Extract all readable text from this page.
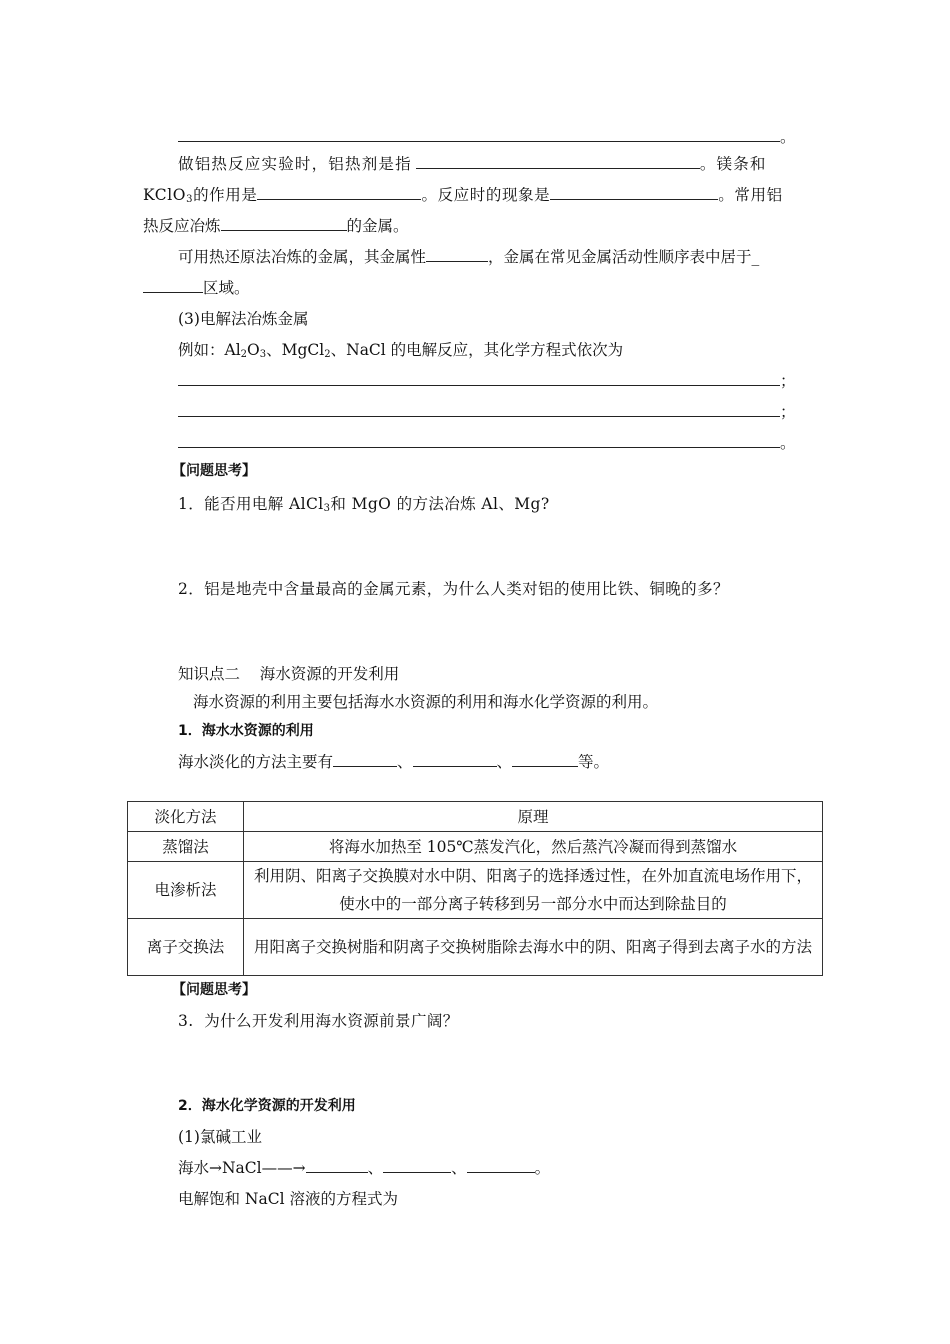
。
做铝热反应实验时，铝热剂是指	。镁条和
KClO$_3$的作用是	。反应时的现象是	。常用铝
热反应冶炼	的金属。
可用热还原法冶炼的金属，其金属性	，金属在常见金属活动性顺序表中居于_
区域。
(3)电解法冶炼金属
例如：$Al_2O_3$、MgCl$_2$、NaCl 的电解反应，其化学方程式依次为
；
；
。
【问题思考】
1．能否用电解 AlCl$_3$和 MgO 的方法冶炼 Al、Mg?
2．铝是地壳中含量最高的金属元素，为什么人类对铝的使用比铁、铜晚的多？
知识点二    海水资源的开发利用
海水资源的利用主要包括海水水资源的利用和海水化学资源的利用。
1．海水水资源的利用
海水淡化的方法主要有	、	、	等。
淡化方法	原理
蒸馏法	将海水加热至 105℃蒸发汽化，然后蒸汽冷凝而得到蒸馏水
电渗析法	利用阴、阳离子交换膜对水中阴、阳离子的选择透过性，在外加直流电场作用下，使水中的一部分离子转移到另一部分水中而达到除盐目的
离子交换法	用阳离子交换树脂和阴离子交换树脂除去海水中的阴、阳离子得到去离子水的方法
【问题思考】
3.  为什么开发利用海水资源前景广阔？
2．海水化学资源的开发利用
(1)氯碱工业
海水→NaCl——→	、	、	。
电解饱和 NaCl 溶液的方程式为
